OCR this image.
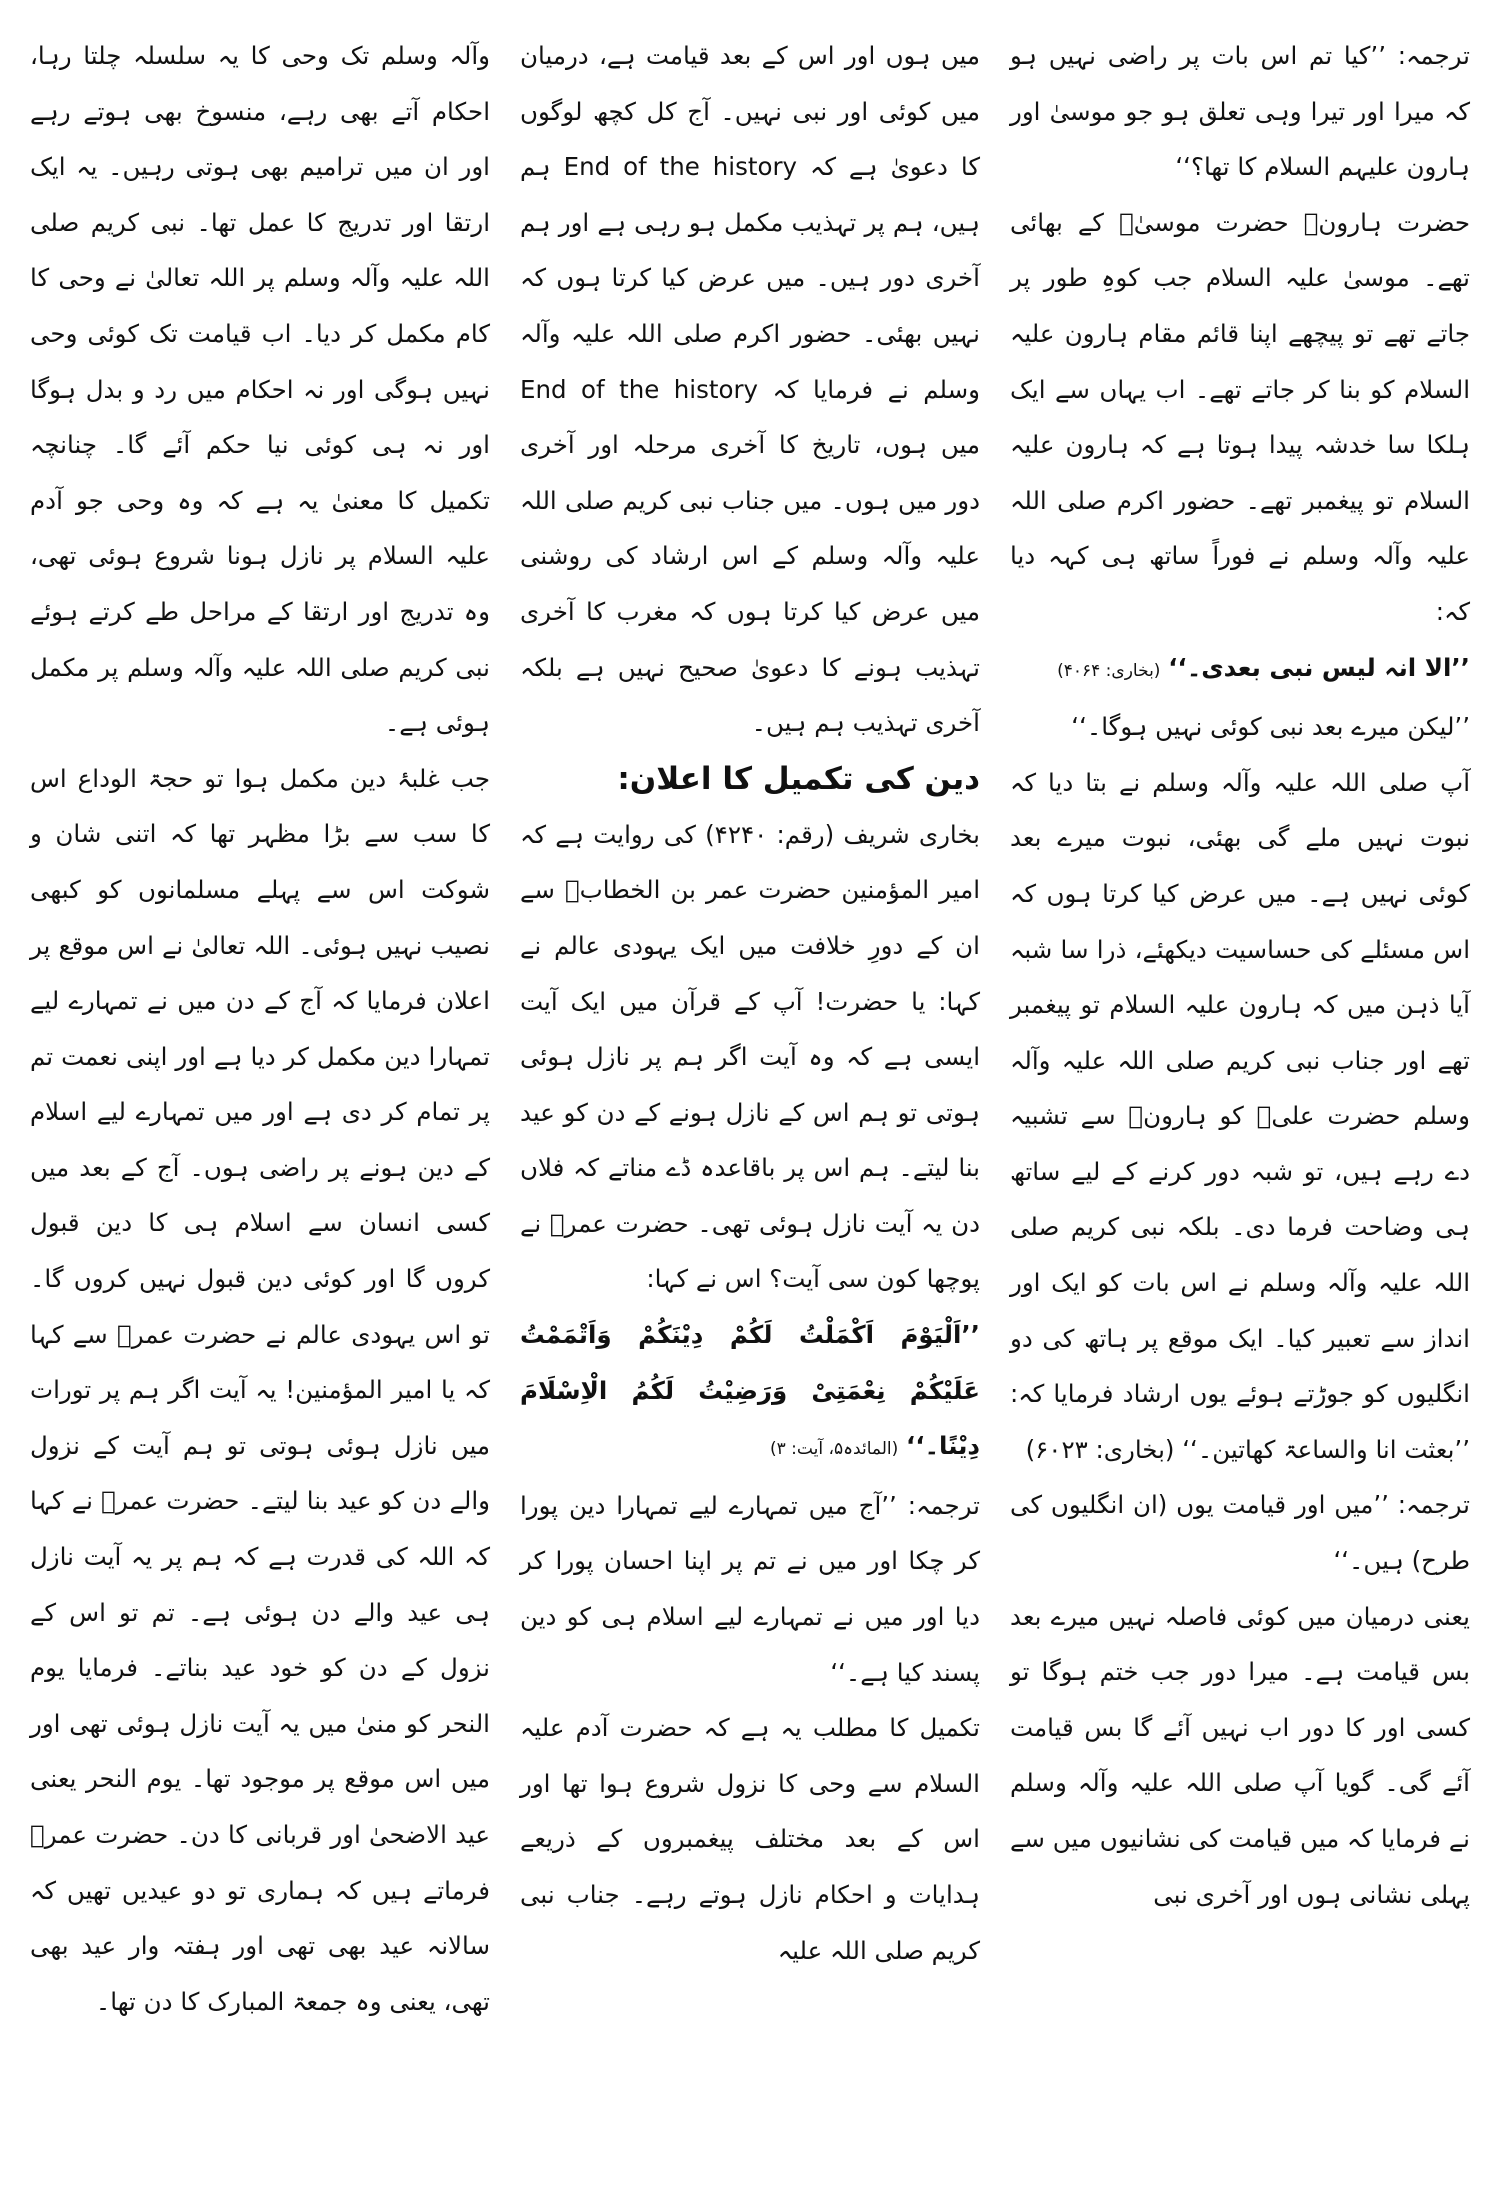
ترجمہ: ’’کیا تم اس بات پر راضی نہیں ہو کہ میرا اور تیرا وہی تعلق ہو جو موسیٰ اور ہارون علیہم السلام کا تھا؟‘‘

حضرت ہارونؑ حضرت موسیٰؑ کے بھائی تھے۔ موسیٰ علیہ السلام جب کوہِ طور پر جاتے تھے تو پیچھے اپنا قائم مقام ہارون علیہ السلام کو بنا کر جاتے تھے۔ اب یہاں سے ایک ہلکا سا خدشہ پیدا ہوتا ہے کہ ہارون علیہ السلام تو پیغمبر تھے۔ حضور اکرم صلی اللہ علیہ وآلہ وسلم نے فوراً ساتھ ہی کہہ دیا کہ:

’’الا انہ لیس نبی بعدی۔‘‘ (بخاری: ۴۰۶۴)

’’لیکن میرے بعد نبی کوئی نہیں ہوگا۔‘‘

آپ صلی اللہ علیہ وآلہ وسلم نے بتا دیا کہ نبوت نہیں ملے گی بھئی، نبوت میرے بعد کوئی نہیں ہے۔ میں عرض کیا کرتا ہوں کہ اس مسئلے کی حساسیت دیکھئے، ذرا سا شبہ آیا ذہن میں کہ ہارون علیہ السلام تو پیغمبر تھے اور جناب نبی کریم صلی اللہ علیہ وآلہ وسلم حضرت علیؓ کو ہارونؑ سے تشبیہ دے رہے ہیں، تو شبہ دور کرنے کے لیے ساتھ ہی وضاحت فرما دی۔ بلکہ نبی کریم صلی اللہ علیہ وآلہ وسلم نے اس بات کو ایک اور انداز سے تعبیر کیا۔ ایک موقع پر ہاتھ کی دو انگلیوں کو جوڑتے ہوئے یوں ارشاد فرمایا کہ: ’’بعثت انا والساعۃ کھاتین۔‘‘ (بخاری: ۶۰۲۳)

ترجمہ: ’’میں اور قیامت یوں (ان انگلیوں کی طرح) ہیں۔‘‘

یعنی درمیان میں کوئی فاصلہ نہیں میرے بعد بس قیامت ہے۔ میرا دور جب ختم ہوگا تو کسی اور کا دور اب نہیں آئے گا بس قیامت آئے گی۔ گویا آپ صلی اللہ علیہ وآلہ وسلم نے فرمایا کہ میں قیامت کی نشانیوں میں سے پہلی نشانی ہوں اور آخری نبی

میں ہوں اور اس کے بعد قیامت ہے، درمیان میں کوئی اور نبی نہیں۔ آج کل کچھ لوگوں کا دعویٰ ہے کہ End of the history ہم ہیں، ہم پر تہذیب مکمل ہو رہی ہے اور ہم آخری دور ہیں۔ میں عرض کیا کرتا ہوں کہ نہیں بھئی۔ حضور اکرم صلی اللہ علیہ وآلہ وسلم نے فرمایا کہ End of the history میں ہوں، تاریخ کا آخری مرحلہ اور آخری دور میں ہوں۔ میں جناب نبی کریم صلی اللہ علیہ وآلہ وسلم کے اس ارشاد کی روشنی میں عرض کیا کرتا ہوں کہ مغرب کا آخری تہذیب ہونے کا دعویٰ صحیح نہیں ہے بلکہ آخری تہذیب ہم ہیں۔

دین کی تکمیل کا اعلان:

بخاری شریف (رقم: ۴۲۴۰) کی روایت ہے کہ امیر المؤمنین حضرت عمر بن الخطابؓ سے ان کے دورِ خلافت میں ایک یہودی عالم نے کہا: یا حضرت! آپ کے قرآن میں ایک آیت ایسی ہے کہ وہ آیت اگر ہم پر نازل ہوئی ہوتی تو ہم اس کے نازل ہونے کے دن کو عید بنا لیتے۔ ہم اس پر باقاعدہ ڈے مناتے کہ فلاں دن یہ آیت نازل ہوئی تھی۔ حضرت عمرؓ نے پوچھا کون سی آیت؟ اس نے کہا:

’’اَلْیَوْمَ اَکْمَلْتُ لَکُمْ دِیْنَکُمْ وَاَتْمَمْتُ عَلَیْکُمْ نِعْمَتِیْ وَرَضِیْتُ لَکُمُ الْاِسْلَامَ دِیْنًا۔‘‘ (المائدہ۵، آیت: ۳)

ترجمہ: ’’آج میں تمہارے لیے تمہارا دین پورا کر چکا اور میں نے تم پر اپنا احسان پورا کر دیا اور میں نے تمہارے لیے اسلام ہی کو دین پسند کیا ہے۔‘‘

تکمیل کا مطلب یہ ہے کہ حضرت آدم علیہ السلام سے وحی کا نزول شروع ہوا تھا اور اس کے بعد مختلف پیغمبروں کے ذریعے ہدایات و احکام نازل ہوتے رہے۔ جناب نبی کریم صلی اللہ علیہ

وآلہ وسلم تک وحی کا یہ سلسلہ چلتا رہا، احکام آتے بھی رہے، منسوخ بھی ہوتے رہے اور ان میں ترامیم بھی ہوتی رہیں۔ یہ ایک ارتقا اور تدریج کا عمل تھا۔ نبی کریم صلی اللہ علیہ وآلہ وسلم پر اللہ تعالیٰ نے وحی کا کام مکمل کر دیا۔ اب قیامت تک کوئی وحی نہیں ہوگی اور نہ احکام میں رد و بدل ہوگا اور نہ ہی کوئی نیا حکم آئے گا۔ چنانچہ تکمیل کا معنیٰ یہ ہے کہ وہ وحی جو آدم علیہ السلام پر نازل ہونا شروع ہوئی تھی، وہ تدریج اور ارتقا کے مراحل طے کرتے ہوئے نبی کریم صلی اللہ علیہ وآلہ وسلم پر مکمل ہوئی ہے۔

جب غلبۂ دین مکمل ہوا تو حجۃ الوداع اس کا سب سے بڑا مظہر تھا کہ اتنی شان و شوکت اس سے پہلے مسلمانوں کو کبھی نصیب نہیں ہوئی۔ اللہ تعالیٰ نے اس موقع پر اعلان فرمایا کہ آج کے دن میں نے تمہارے لیے تمہارا دین مکمل کر دیا ہے اور اپنی نعمت تم پر تمام کر دی ہے اور میں تمہارے لیے اسلام کے دین ہونے پر راضی ہوں۔ آج کے بعد میں کسی انسان سے اسلام ہی کا دین قبول کروں گا اور کوئی دین قبول نہیں کروں گا۔ تو اس یہودی عالم نے حضرت عمرؓ سے کہا کہ یا امیر المؤمنین! یہ آیت اگر ہم پر تورات میں نازل ہوئی ہوتی تو ہم آیت کے نزول والے دن کو عید بنا لیتے۔ حضرت عمرؓ نے کہا کہ اللہ کی قدرت ہے کہ ہم پر یہ آیت نازل ہی عید والے دن ہوئی ہے۔ تم تو اس کے نزول کے دن کو خود عید بناتے۔ فرمایا یوم النحر کو منیٰ میں یہ آیت نازل ہوئی تھی اور میں اس موقع پر موجود تھا۔ یوم النحر یعنی عید الاضحیٰ اور قربانی کا دن۔ حضرت عمرؓ فرماتے ہیں کہ ہماری تو دو عیدیں تھیں کہ سالانہ عید بھی تھی اور ہفتہ وار عید بھی تھی، یعنی وہ جمعۃ المبارک کا دن تھا۔
